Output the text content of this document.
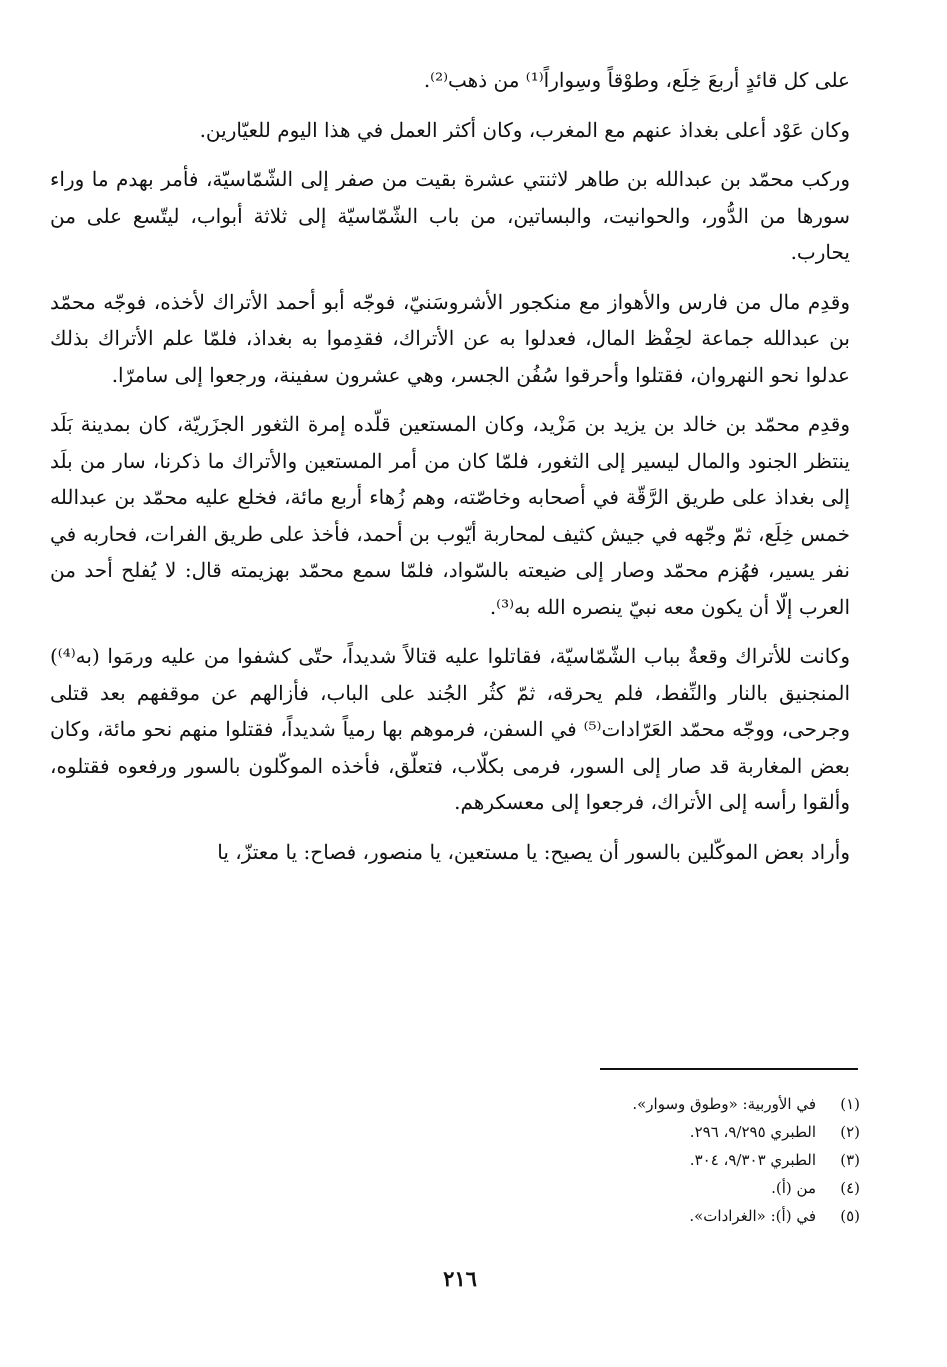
على كل قائدٍ أربعَ خِلَع، وطوْقاً وسِواراً⁽¹⁾ من ذهب⁽²⁾.

وكان عَوْد أعلى بغداذ عنهم مع المغرب، وكان أكثر العمل في هذا اليوم للعيّارين.

وركب محمّد بن عبدالله بن طاهر لاثنتي عشرة بقيت من صفر إلى الشّمّاسيّة، فأمر بهدم ما وراء سورها من الدُّور، والحوانيت، والبساتين، من باب الشّمّاسيّة إلى ثلاثة أبواب، ليتّسع على من يحارب.

وقدِم مال من فارس والأهواز مع منكجور الأشروسَنيّ، فوجّه أبو أحمد الأتراك لأخذه، فوجّه محمّد بن عبدالله جماعة لحِفْظ المال، فعدلوا به عن الأتراك، فقدِموا به بغداذ، فلمّا علم الأتراك بذلك عدلوا نحو النهروان، فقتلوا وأحرقوا سُفُن الجسر، وهي عشرون سفينة، ورجعوا إلى سامرّا.

وقدِم محمّد بن خالد بن يزيد بن مَزْيد، وكان المستعين قلّده إمرة الثغور الجزَريّة، كان بمدينة بَلَد ينتظر الجنود والمال ليسير إلى الثغور، فلمّا كان من أمر المستعين والأتراك ما ذكرنا، سار من بلَد إلى بغداذ على طريق الرَّقّة في أصحابه وخاصّته، وهم زُهاء أربع مائة، فخلع عليه محمّد بن عبدالله خمس خِلَع، ثمّ وجّهه في جيش كثيف لمحاربة أيّوب بن أحمد، فأخذ على طريق الفرات، فحاربه في نفر يسير، فهُزم محمّد وصار إلى ضيعته بالسّواد، فلمّا سمع محمّد بهزيمته قال: لا يُفلح أحد من العرب إلّا أن يكون معه نبيّ ينصره الله به⁽³⁾.

وكانت للأتراك وقعةٌ بباب الشّمّاسيّة، فقاتلوا عليه قتالاً شديداً، حتّى كشفوا من عليه ورمَوا (به⁽⁴⁾) المنجنيق بالنار والنِّفط، فلم يحرقه، ثمّ كثُر الجُند على الباب، فأزالهم عن موقفهم بعد قتلى وجرحى، ووجّه محمّد العَرّادات⁽⁵⁾ في السفن، فرموهم بها رمياً شديداً، فقتلوا منهم نحو مائة، وكان بعض المغاربة قد صار إلى السور، فرمى بكلّاب، فتعلّق، فأخذه الموكّلون بالسور ورفعوه فقتلوه، وألقوا رأسه إلى الأتراك، فرجعوا إلى معسكرهم.

وأراد بعض الموكّلين بالسور أن يصيح: يا مستعين، يا منصور، فصاح: يا معتزّ، يا

(١)
في الأوربية: «وطوق وسوار».
(٢)
الطبري ٩/٢٩٥، ٢٩٦.
(٣)
الطبري ٩/٣٠٣، ٣٠٤.
(٤)
من (أ).
(٥)
في (أ): «الغرادات».
٢١٦
